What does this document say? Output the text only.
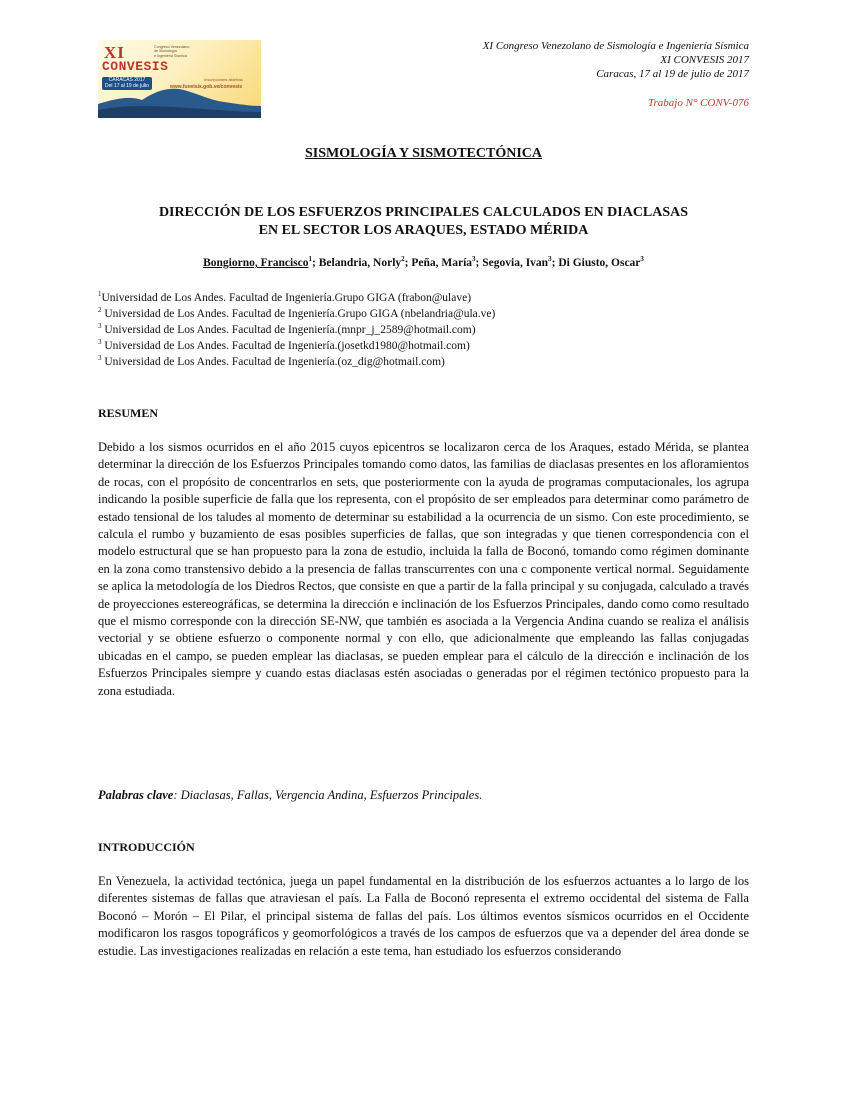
XI
CONVESIS
Congreso Venezolano
de Sismología
e Ingeniería Sísmica
CARACAS 2017
Del 17 al 19 de julio
Inscripciones abiertas
www.funvisis.gob.ve/convesis
XI Congreso Venezolano de Sismología e Ingeniería Sísmica
XI CONVESIS 2017
Caracas, 17 al 19 de julio de 2017
Trabajo N° CONV-076
SISMOLOGÍA Y SISMOTECTÓNICA
DIRECCIÓN DE LOS ESFUERZOS PRINCIPALES CALCULADOS EN DIACLASAS
EN EL SECTOR LOS ARAQUES, ESTADO MÉRIDA
Bongiorno, Francisco$^1$; Belandria, Norly$^2$; Peña, María$^3$; Segovia, Ivan$^3$; Di Giusto, Oscar$^3$
$^1$Universidad de Los Andes. Facultad de Ingeniería.Grupo GIGA (frabon@ulave)
$^2$ Universidad de Los Andes. Facultad de Ingeniería.Grupo GIGA (nbelandria@ula.ve)
$^3$ Universidad de Los Andes. Facultad de Ingeniería.(mnpr_j_2589@hotmail.com)
$^3$ Universidad de Los Andes. Facultad de Ingeniería.(josetkd1980@hotmail.com)
$^3$ Universidad de Los Andes. Facultad de Ingeniería.(oz_dig@hotmail.com)
RESUMEN

Debido a los sismos ocurridos en el año 2015 cuyos epicentros se localizaron cerca de los Araques, estado Mérida, se plantea determinar la dirección de los Esfuerzos Principales tomando como datos, las familias de diaclasas presentes en los afloramientos de rocas, con el propósito de concentrarlos en sets, que posteriormente con la ayuda de programas computacionales, los agrupa indicando la posible superficie de falla que los representa, con el propósito de ser empleados para determinar como parámetro de estado tensional de los taludes al momento de determinar su estabilidad a la ocurrencia de un sismo. Con este procedimiento, se calcula el rumbo y buzamiento de esas posibles superficies de fallas, que son integradas y que tienen correspondencia con el modelo estructural que se han propuesto para la zona de estudio, incluida la falla de Boconó, tomando como régimen dominante en la zona como transtensivo debido a la presencia de fallas transcurrentes con una c componente vertical normal. Seguidamente se aplica la metodología de los Diedros Rectos, que consiste en que a partir de la falla principal y su conjugada, calculado a través de proyecciones estereográficas, se determina la dirección e inclinación de los Esfuerzos Principales, dando como como resultado que el mismo corresponde con la dirección SE-NW, que también es asociada a la Vergencia Andina cuando se realiza el análisis vectorial y se obtiene esfuerzo o componente normal y con ello, que adicionalmente que empleando las fallas conjugadas ubicadas en el campo, se pueden emplear las diaclasas, se pueden emplear para el cálculo de la dirección e inclinación de los Esfuerzos Principales siempre y cuando estas diaclasas estén asociadas o generadas por el régimen tectónico propuesto para la zona estudiada.

Palabras clave: Diaclasas, Fallas, Vergencia Andina, Esfuerzos Principales.
INTRODUCCIÓN

En Venezuela, la actividad tectónica, juega un papel fundamental en la distribución de los esfuerzos actuantes a lo largo de los diferentes sistemas de fallas que atraviesan el país. La Falla de Boconó representa el extremo occidental del sistema de Falla Boconó – Morón – El Pilar, el principal sistema de fallas del país. Los últimos eventos sísmicos ocurridos en el Occidente modificaron los rasgos topográficos y geomorfológicos a través de los campos de esfuerzos que va a depender del área donde se estudie. Las investigaciones realizadas en relación a este tema, han estudiado los esfuerzos considerando
